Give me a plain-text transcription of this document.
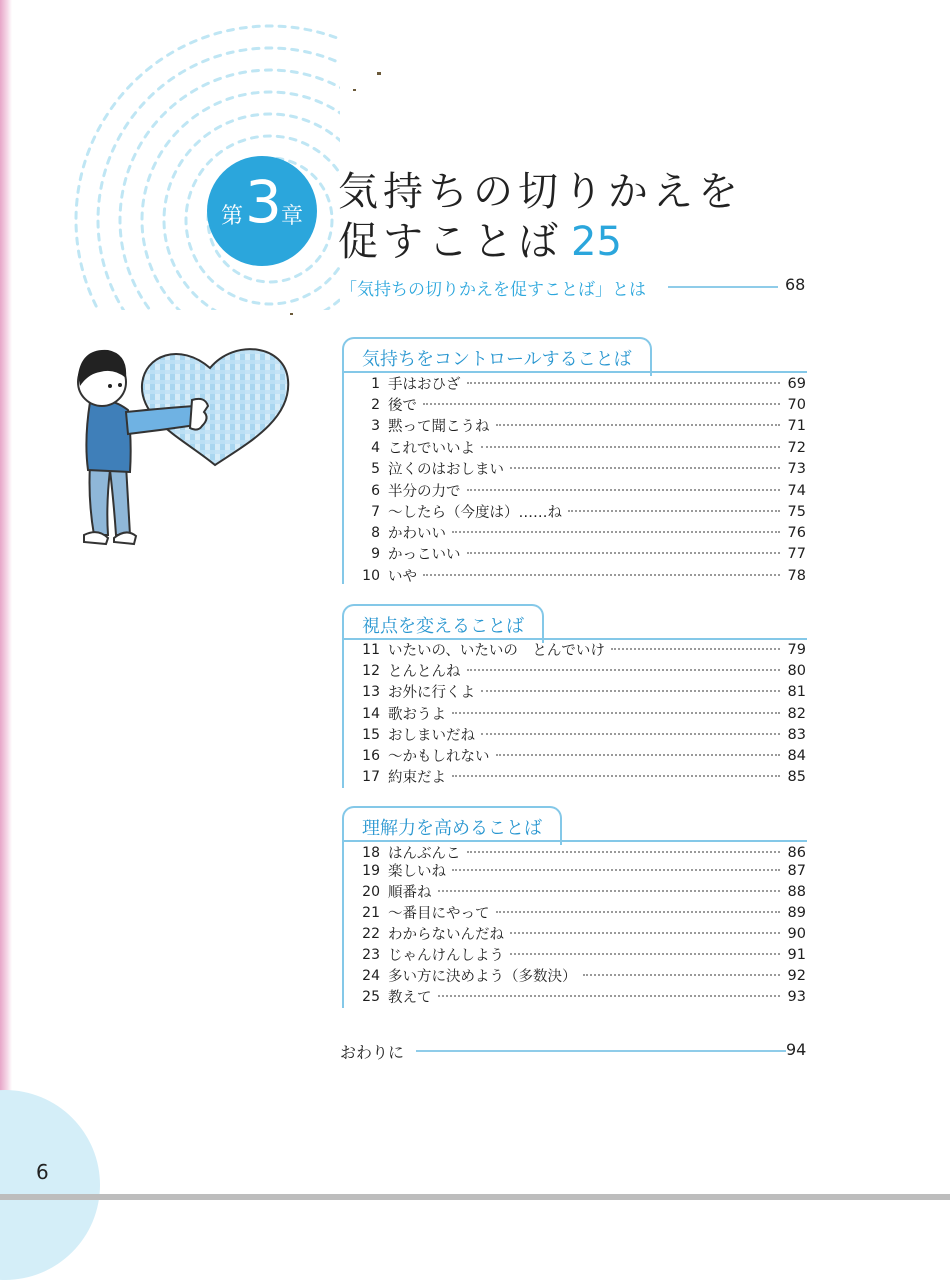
第 3 章
気持ちの切りかえを
促すことば 25
「気持ちの切りかえを促すことば」とは	68
気持ちをコントロールすることば
1 手はおひざ	69
2 後で	70
3 黙って聞こうね	71
4 これでいいよ	72
5 泣くのはおしまい	73
6 半分の力で	74
7 ～したら（今度は）……ね	75
8 かわいい	76
9 かっこいい	77
10 いや	78
視点を変えることば
11 いたいの、いたいの　とんでいけ	79
12 とんとんね	80
13 お外に行くよ	81
14 歌おうよ	82
15 おしまいだね	83
16 ～かもしれない	84
17 約束だよ	85
理解力を高めることば
18 はんぶんこ	86
19 楽しいね	87
20 順番ね	88
21 ～番目にやって	89
22 わからないんだね	90
23 じゃんけんしよう	91
24 多い方に決めよう（多数決）	92
25 教えて	93
おわりに	94
6
